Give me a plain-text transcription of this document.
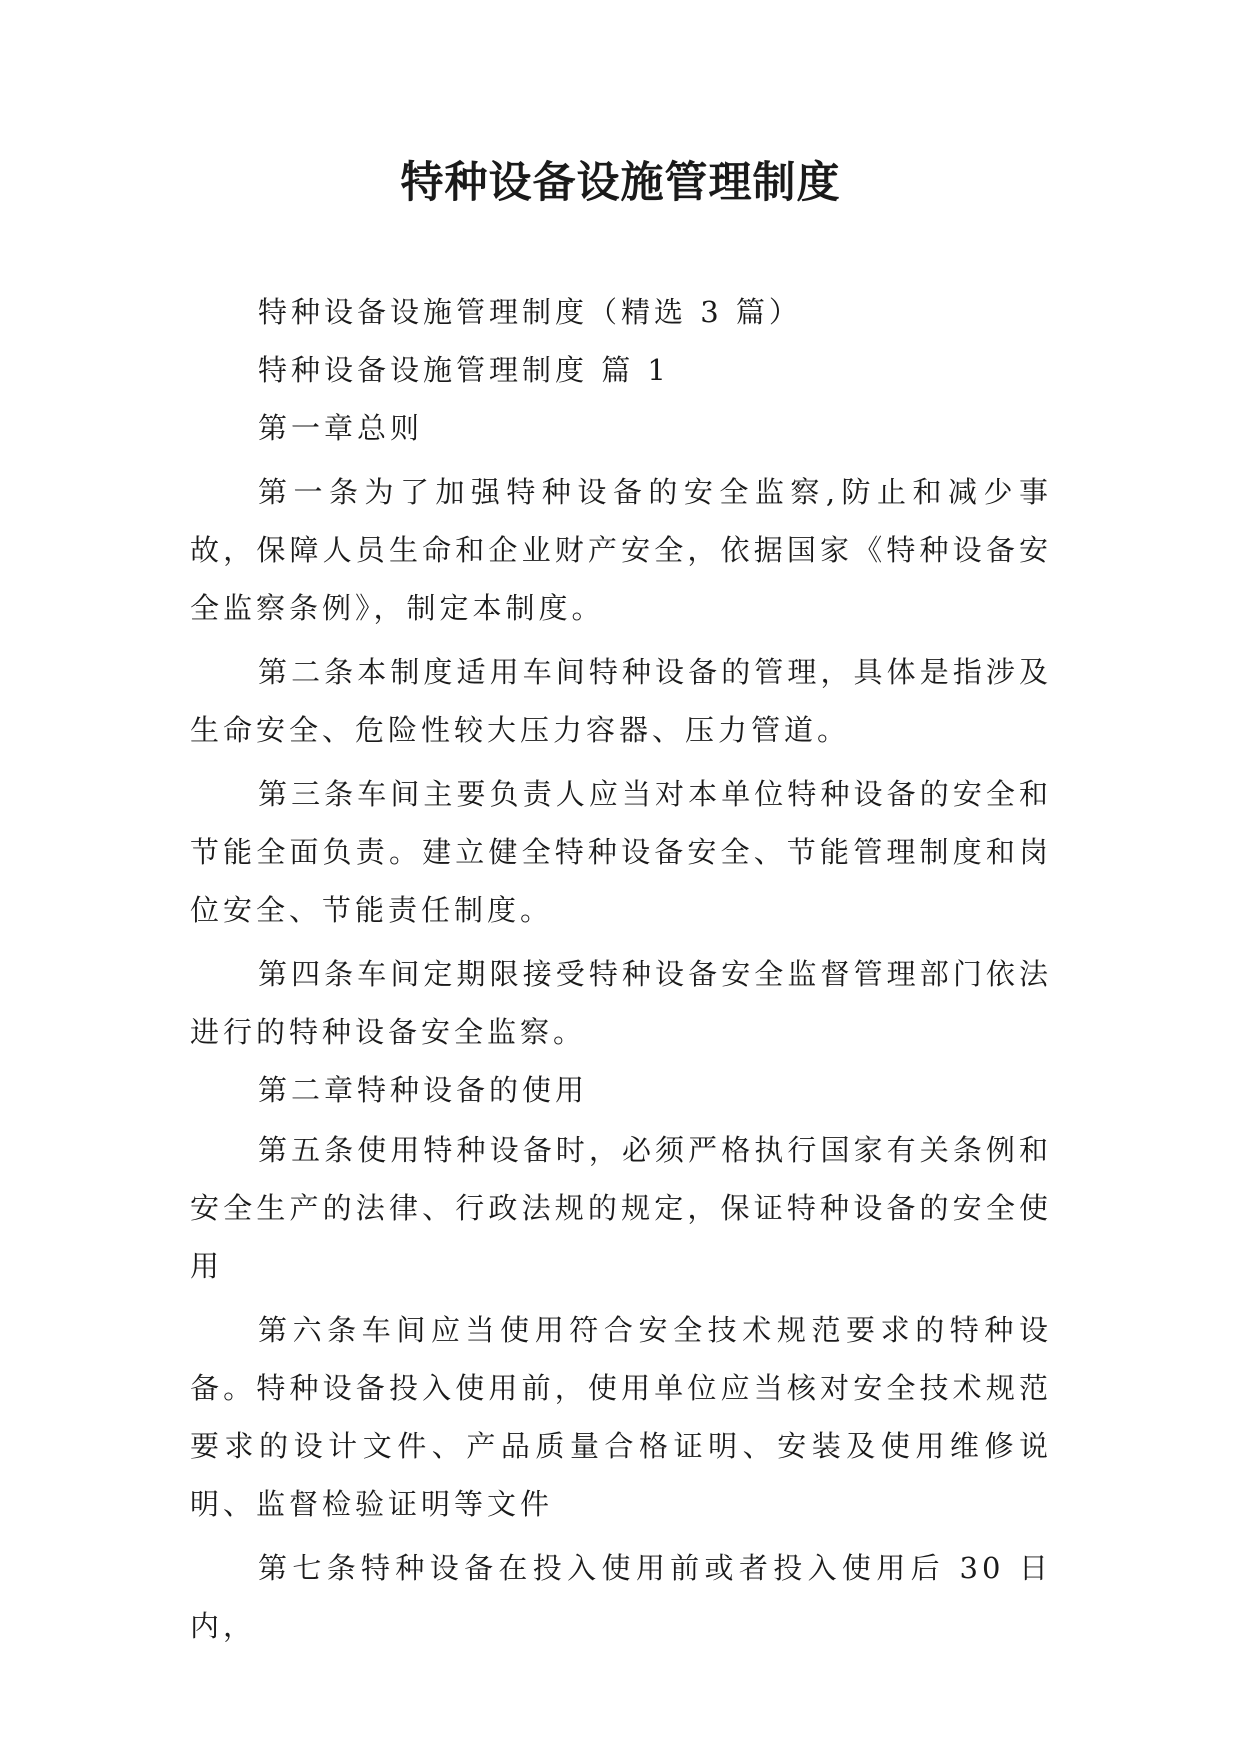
特种设备设施管理制度

特种设备设施管理制度（精选 3 篇）

特种设备设施管理制度 篇 1

第一章总则

第一条为了加强特种设备的安全监察,防止和减少事故，保障人员生命和企业财产安全，依据国家《特种设备安全监察条例》，制定本制度。

第二条本制度适用车间特种设备的管理，具体是指涉及生命安全、危险性较大压力容器、压力管道。

第三条车间主要负责人应当对本单位特种设备的安全和节能全面负责。建立健全特种设备安全、节能管理制度和岗位安全、节能责任制度。

第四条车间定期限接受特种设备安全监督管理部门依法进行的特种设备安全监察。

第二章特种设备的使用

第五条使用特种设备时，必须严格执行国家有关条例和安全生产的法律、行政法规的规定，保证特种设备的安全使用

第六条车间应当使用符合安全技术规范要求的特种设备。特种设备投入使用前，使用单位应当核对安全技术规范要求的设计文件、产品质量合格证明、安装及使用维修说明、监督检验证明等文件

第七条特种设备在投入使用前或者投入使用后 30 日内，
